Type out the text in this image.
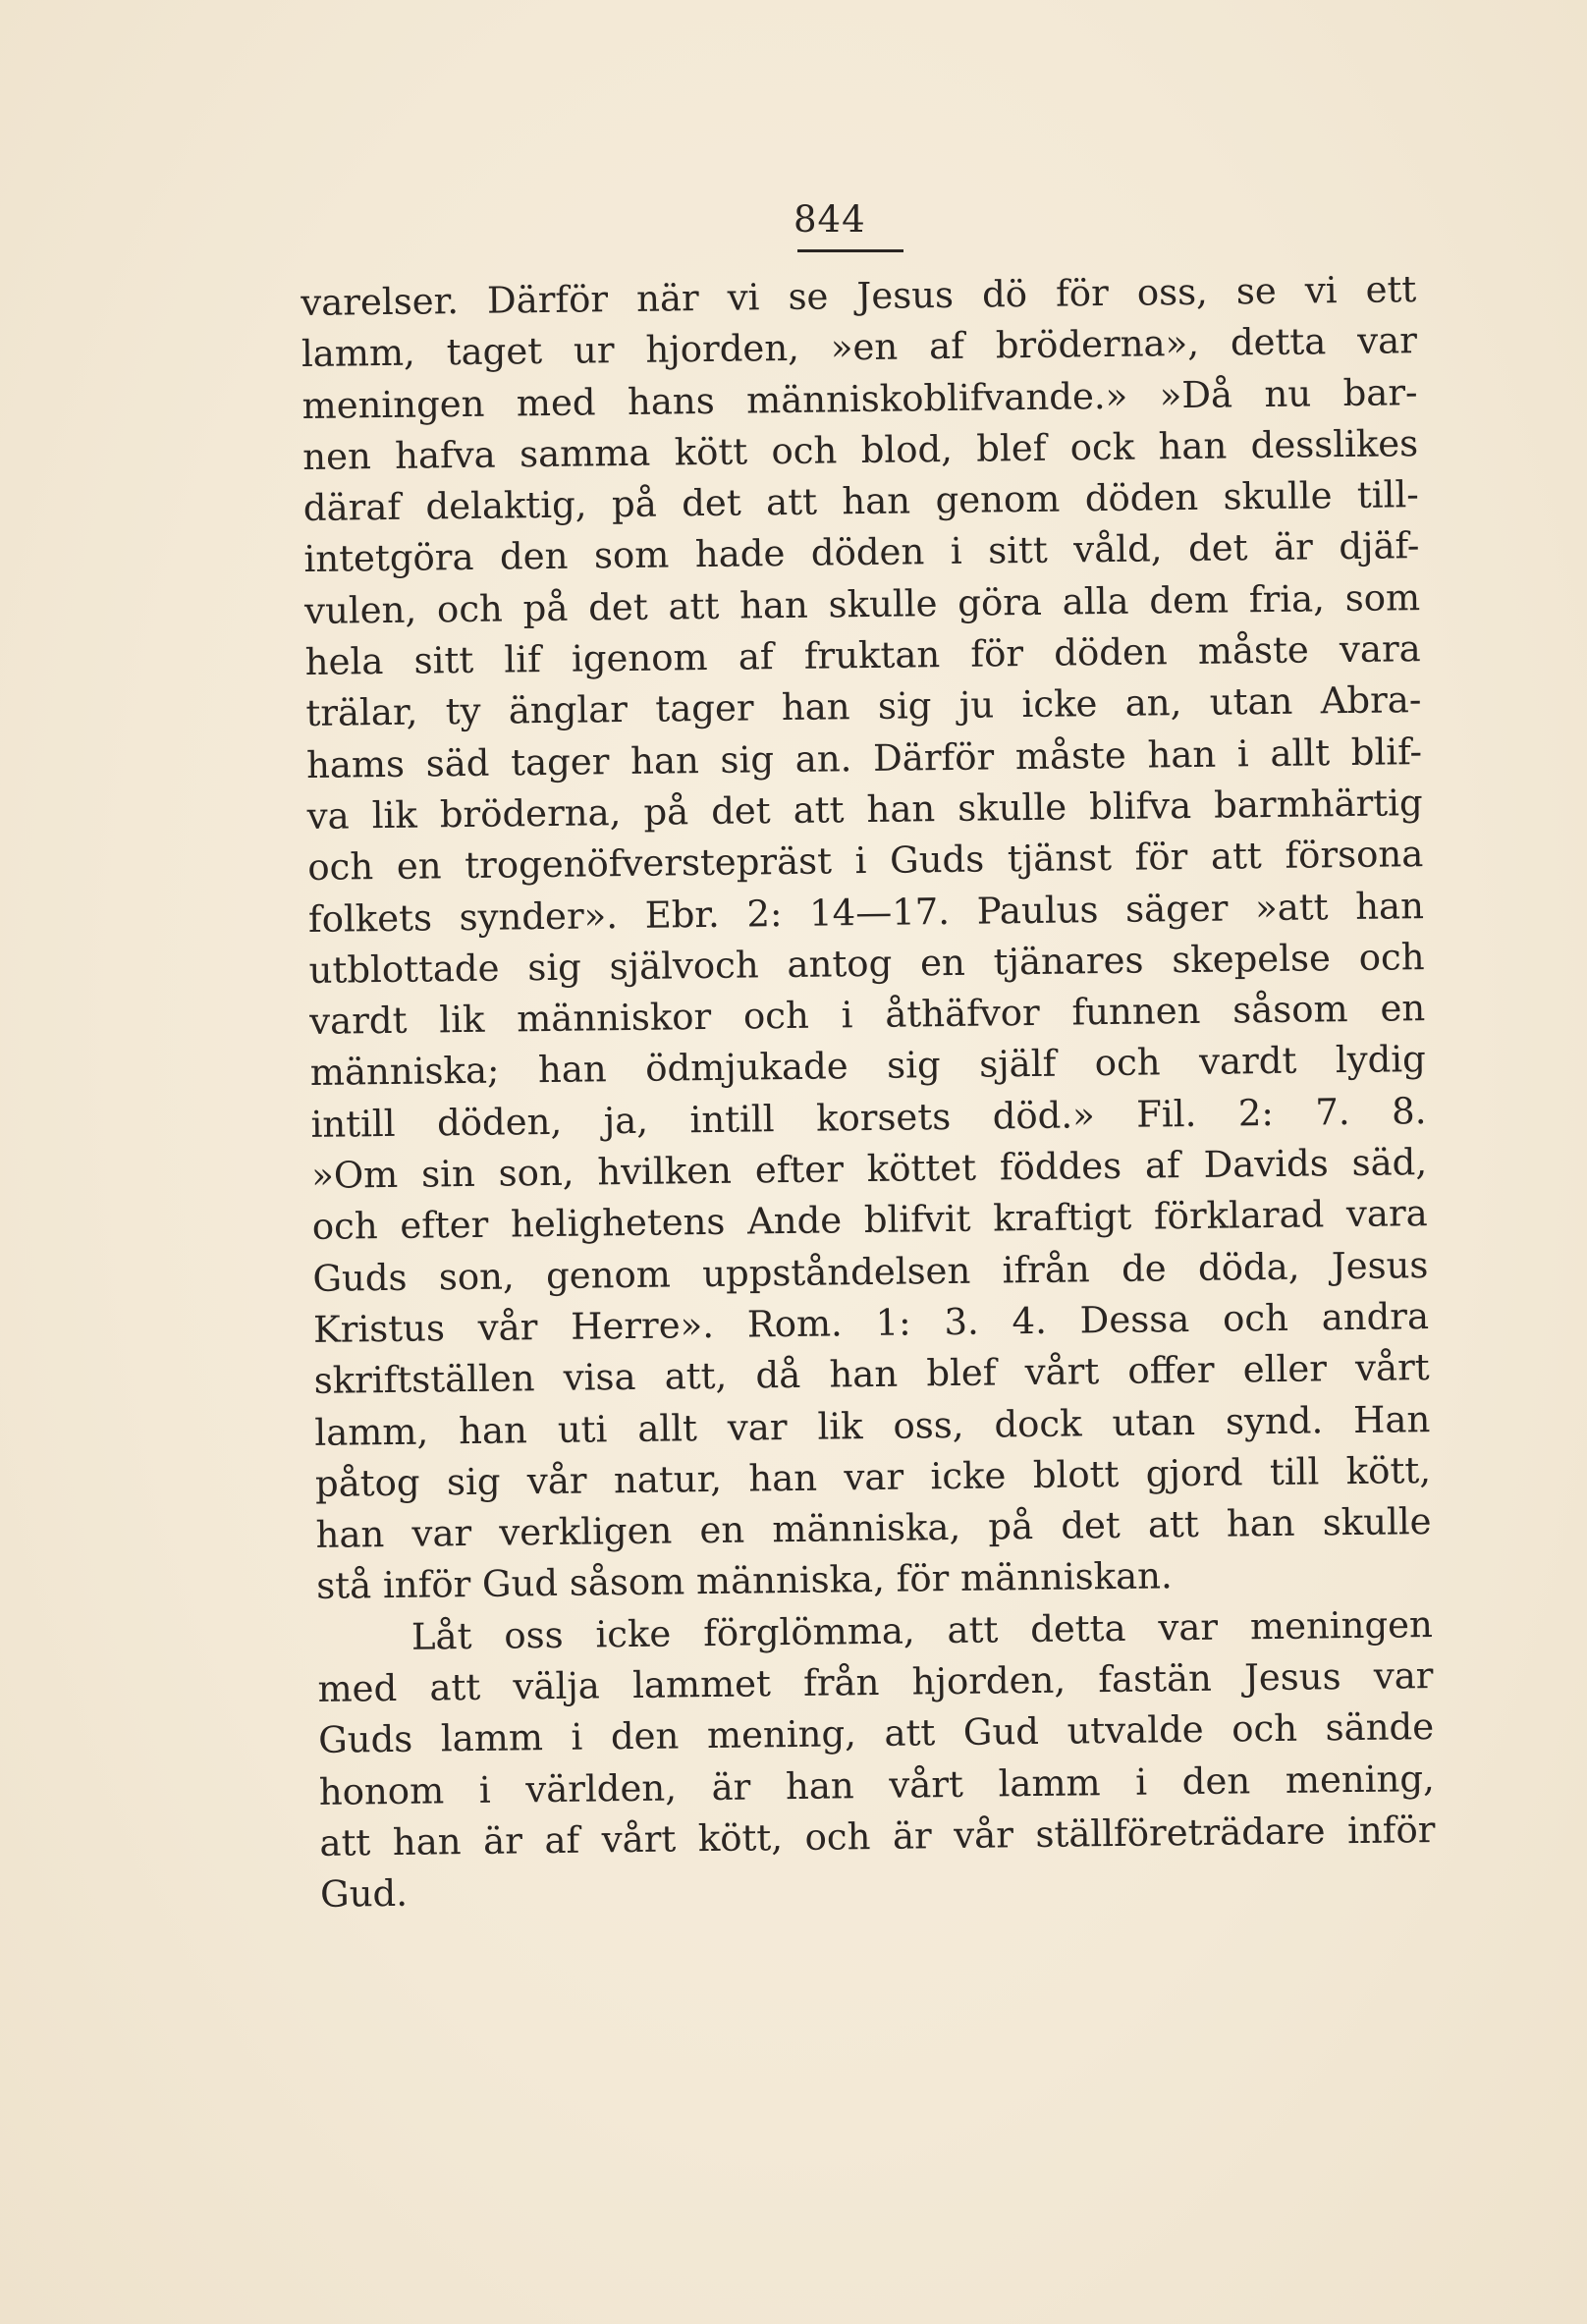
844
varelser. Därför när vi se Jesus dö för oss, se vi ett
lamm, taget ur hjorden, »en af bröderna», detta var
meningen med hans människoblifvande.» »Då nu bar-
nen hafva samma kött och blod, blef ock han desslikes
däraf delaktig, på det att han genom döden skulle till-
intetgöra den som hade döden i sitt våld, det är djäf-
vulen, och på det att han skulle göra alla dem fria, som
hela sitt lif igenom af fruktan för döden måste vara
trälar, ty änglar tager han sig ju icke an, utan Abra-
hams säd tager han sig an. Därför måste han i allt blif-
va lik bröderna, på det att han skulle blifva barmhärtig
och en trogenöfverstepräst i Guds tjänst för att försona
folkets synder». Ebr. 2: 14—17. Paulus säger »att han
utblottade sig självoch antog en tjänares skepelse och
vardt lik människor och i åthäfvor funnen såsom en
människa; han ödmjukade sig själf och vardt lydig
intill döden, ja, intill korsets död.» Fil. 2: 7. 8.
»Om sin son, hvilken efter köttet föddes af Davids säd,
och efter helighetens Ande blifvit kraftigt förklarad vara
Guds son, genom uppståndelsen ifrån de döda, Jesus
Kristus vår Herre». Rom. 1: 3. 4. Dessa och andra
skriftställen visa att, då han blef vårt offer eller vårt
lamm, han uti allt var lik oss, dock utan synd. Han
påtog sig vår natur, han var icke blott gjord till kött,
han var verkligen en människa, på det att han skulle
stå inför Gud såsom människa, för människan.
Låt oss icke förglömma, att detta var meningen
med att välja lammet från hjorden, fastän Jesus var
Guds lamm i den mening, att Gud utvalde och sände
honom i världen, är han vårt lamm i den mening,
att han är af vårt kött, och är vår ställföreträdare inför
Gud.
